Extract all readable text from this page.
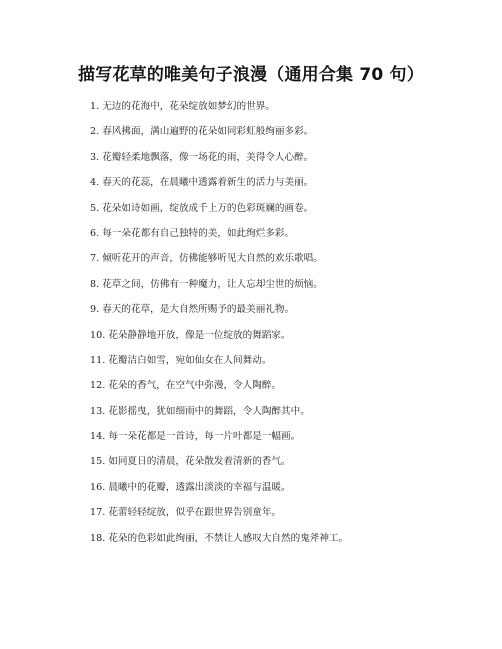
描写花草的唯美句子浪漫（通用合集 70 句）
1. 无边的花海中，花朵绽放如梦幻的世界。
2. 春风拂面，满山遍野的花朵如同彩虹般绚丽多彩。
3. 花瓣轻柔地飘落，像一场花的雨，美得令人心醉。
4. 春天的花蕊，在晨曦中透露着新生的活力与美丽。
5. 花朵如诗如画，绽放成千上万的色彩斑斓的画卷。
6. 每一朵花都有自己独特的美，如此绚烂多彩。
7. 倾听花开的声音，仿佛能够听见大自然的欢乐歌唱。
8. 花草之间，仿佛有一种魔力，让人忘却尘世的烦恼。
9. 春天的花草，是大自然所赐予的最美丽礼物。
10. 花朵静静地开放，像是一位绽放的舞蹈家。
11. 花瓣洁白如雪，宛如仙女在人间舞动。
12. 花朵的香气，在空气中弥漫，令人陶醉。
13. 花影摇曳，犹如细雨中的舞蹈，令人陶醉其中。
14. 每一朵花都是一首诗，每一片叶都是一幅画。
15. 如同夏日的清晨，花朵散发着清新的香气。
16. 晨曦中的花瓣，透露出淡淡的幸福与温暖。
17. 花蕾轻轻绽放，似乎在跟世界告别童年。
18. 花朵的色彩如此绚丽，不禁让人感叹大自然的鬼斧神工。
